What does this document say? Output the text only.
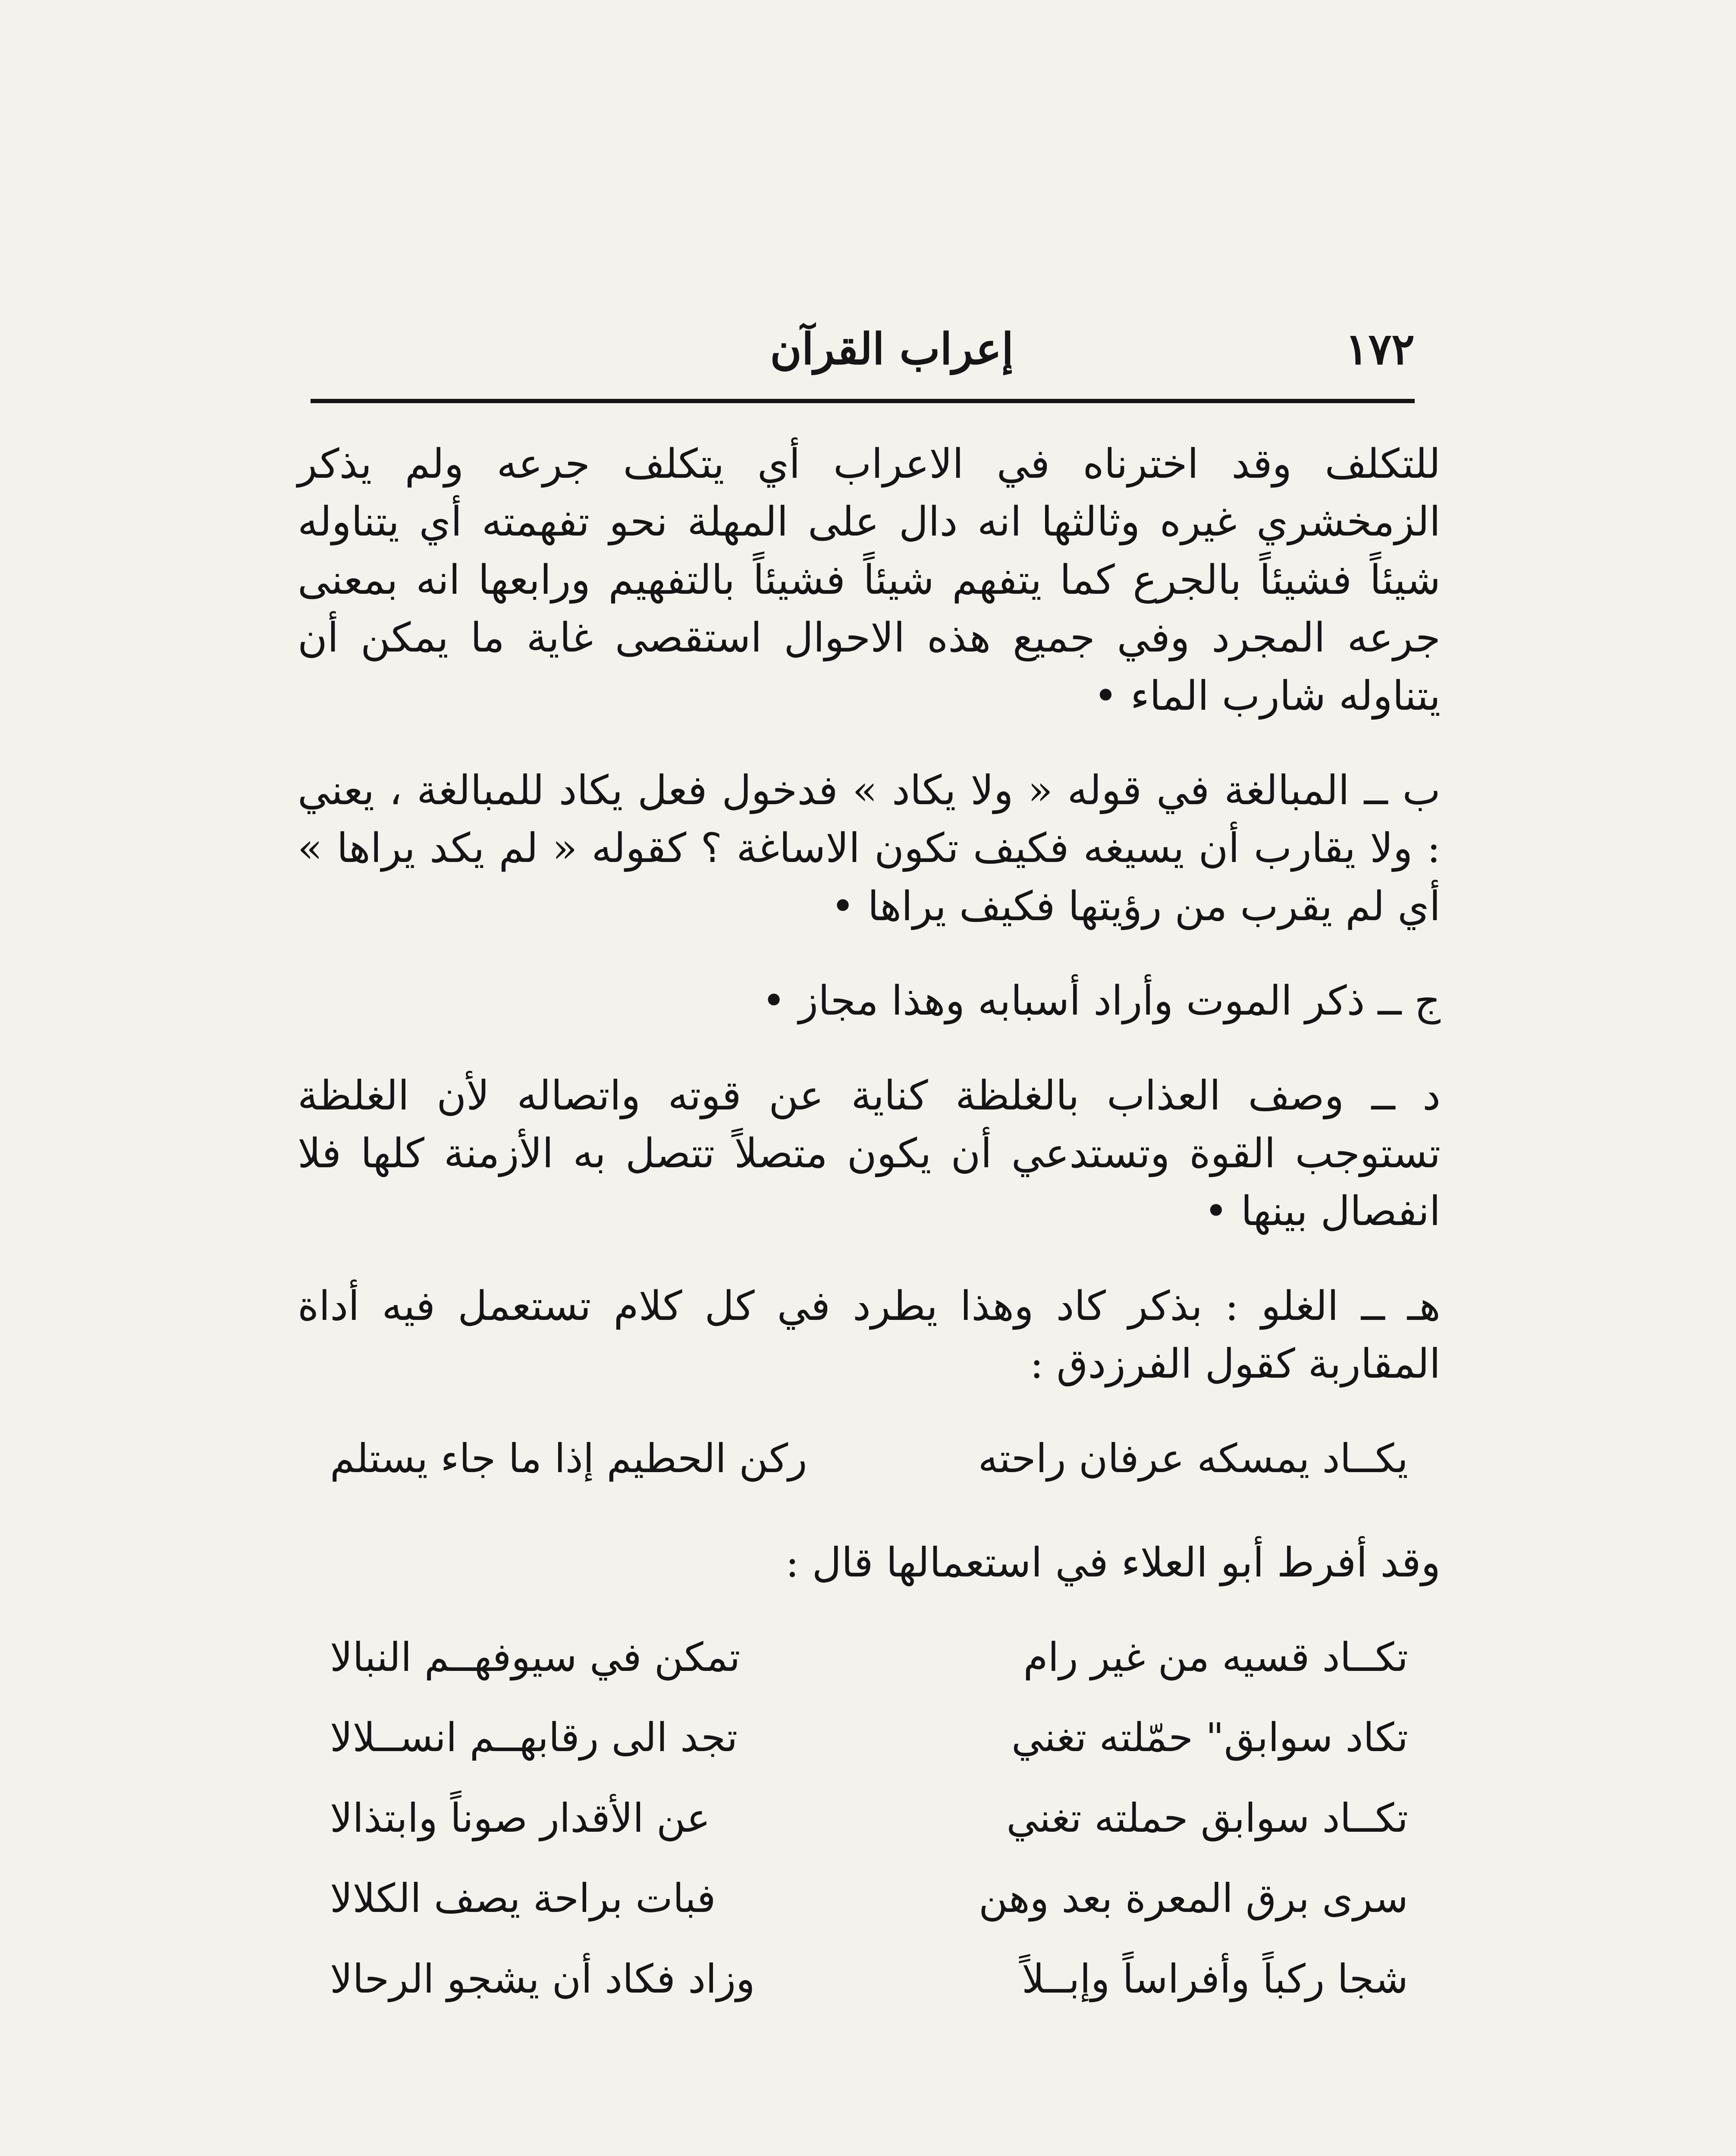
١٧٢
إعراب القرآن

للتكلف وقد اخترناه في الاعراب أي يتكلف جرعه ولم يذكر الزمخشري غيره وثالثها انه دال على المهلة نحو تفهمته أي يتناوله شيئاً فشيئاً بالجرع كما يتفهم شيئاً فشيئاً بالتفهيم ورابعها انه بمعنى جرعه المجرد وفي جميع هذه الاحوال استقصى غاية ما يمكن أن يتناوله شارب الماء •

ب ــ المبالغة في قوله « ولا يكاد » فدخول فعل يكاد للمبالغة ، يعني : ولا يقارب أن يسيغه فكيف تكون الاساغة ؟ كقوله « لم يكد يراها » أي لم يقرب من رؤيتها فكيف يراها •

ج ــ ذكر الموت وأراد أسبابه وهذا مجاز •

د ــ وصف العذاب بالغلظة كناية عن قوته واتصاله لأن الغلظة تستوجب القوة وتستدعي أن يكون متصلاً تتصل به الأزمنة كلها فلا انفصال بينها •

هـ ــ الغلو : بذكر كاد وهذا يطرد في كل كلام تستعمل فيه أداة المقاربة كقول الفرزدق :

يكــاد يمسكه عرفان راحته
ركن الحطيم إذا ما جاء يستلم

وقد أفرط أبو العلاء في استعمالها قال :

تكــاد قسيه من غير رام
تمكن في سيوفهــم النبالا
تكاد سوابق" حمّلته تغني
تجد الى رقابهــم انســلالا
تكــاد سوابق حملته تغني
عن الأقدار صوناً وابتذالا
سرى برق المعرة بعد وهن
فبات براحة يصف الكلالا
شجا ركباً وأفراساً وإبــلاً
وزاد فكاد أن يشجو الرحالا
